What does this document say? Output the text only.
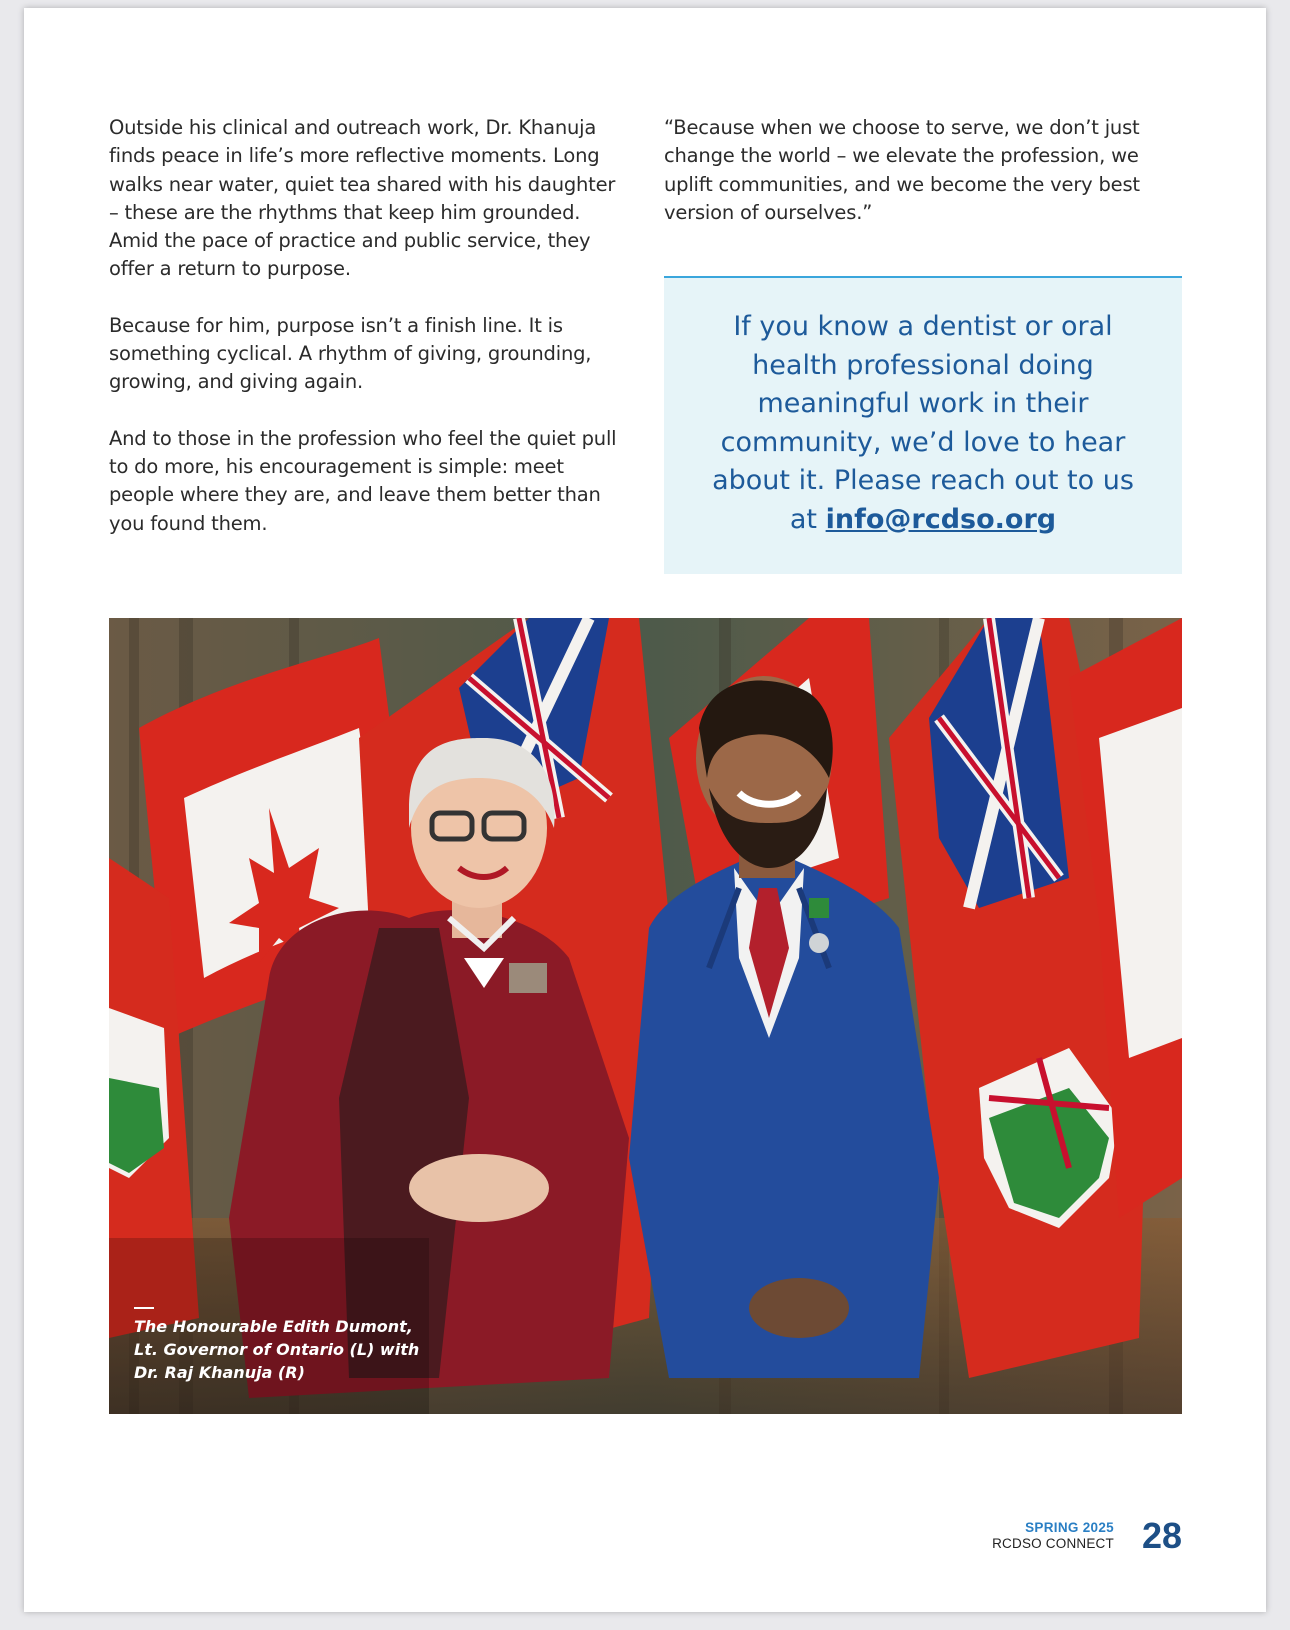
Outside his clinical and outreach work, Dr. Khanuja finds peace in life’s more reflective moments. Long walks near water, quiet tea shared with his daughter – these are the rhythms that keep him grounded. Amid the pace of practice and public service, they offer a return to purpose.

Because for him, purpose isn’t a finish line. It is something cyclical. A rhythm of giving, grounding, growing, and giving again.

And to those in the profession who feel the quiet pull to do more, his encouragement is simple: meet people where they are, and leave them better than you found them.

“Because when we choose to serve, we don’t just change the world – we elevate the profession, we uplift communities, and we become the very best version of ourselves.”

If you know a dentist or oral health professional doing meaningful work in their community, we’d love to hear about it. Please reach out to us at info@rcdso.org
The Honourable Edith Dumont,
Lt. Governor of Ontario (L) with
Dr. Raj Khanuja (R)
SPRING 2025
RCDSO CONNECT 28
